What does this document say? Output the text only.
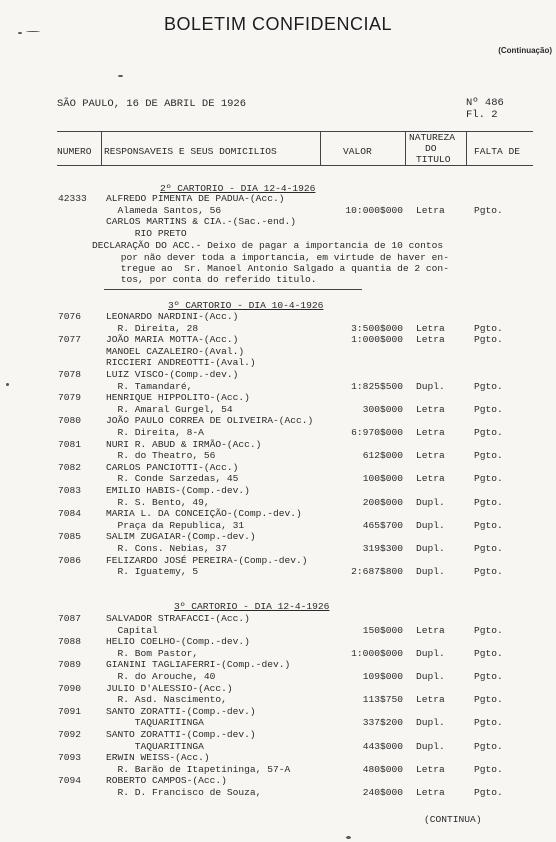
BOLETIM CONFIDENCIAL
(Continuação)
SÃO PAULO, 16 DE ABRIL DE 1926	Nº 486
Fl. 2
NUMERO RESPONSAVEIS E SEUS DOMICILIOS	VALOR
NATUREZA
DO
TITULO
FALTA DE
2º CARTORIO - DIA 12-4-1926
42333 ALFREDO PIMENTA DE PADUA-(Acc.)
Alameda Santos, 56	10:000$000 Letra	Pgto.
CARLOS MARTINS & CIA.-(Sac.-end.)
RIO PRETO
DECLARAÇÃO DO ACC.- Deixo de pagar a importancia de 10 contos
por não dever toda a importancia, em virtude de haver en-
tregue ao  Sr. Manoel Antonio Salgado a quantia de 2 con-
tos, por conta do referido titulo.
3º CARTORIO - DIA 10-4-1926
7076	LEONARDO NARDINI-(Acc.)
R. Direita, 28	3:500$000 Letra	Pgto.
7077	JOÃO MARIA MOTTA-(Acc.)	1:000$000 Letra	Pgto.
MANOEL CAZALEIRO-(Aval.)
RICCIERI ANDREOTTI-(Aval.)
7078	LUIZ VISCO-(Comp.-dev.)
R. Tamandaré,	1:825$500 Dupl.	Pgto.
7079	HENRIQUE HIPPOLITO-(Acc.)
R. Amaral Gurgel, 54	300$000 Letra	Pgto.
7080	JOÃO PAULO CORREA DE OLIVEIRA-(Acc.)
R. Direita, 8-A	6:970$000 Letra	Pgto.
7081	NURI R. ABUD & IRMÃO-(Acc.)
R. do Theatro, 56	612$000 Letra	Pgto.
7082	CARLOS PANCIOTTI-(Acc.)
R. Conde Sarzedas, 45	100$000 Letra	Pgto.
7083	EMILIO HABIS-(Comp.-dev.)
R. S. Bento, 49,	200$000 Dupl.	Pgto.
7084	MARIA L. DA CONCEIÇÃO-(Comp.-dev.)
Praça da Republica, 31	465$700 Dupl.	Pgto.
7085	SALIM ZUGAIAR-(Comp.-dev.)
R. Cons. Nebias, 37	319$300 Dupl.	Pgto.
7086	FELIZARDO JOSÉ PEREIRA-(Comp.-dev.)
R. Iguatemy, 5	2:687$800 Dupl.	Pgto.
3º CARTORIO - DIA 12-4-1926
7087	SALVADOR STRAFACCI-(Acc.)
Capital	150$000 Letra	Pgto.
7088	HELIO COELHO-(Comp.-dev.)
R. Bom Pastor,	1:000$000 Dupl.	Pgto.
7089	GIANINI TAGLIAFERRI-(Comp.-dev.)
R. do Arouche, 40	109$000 Dupl.	Pgto.
7090	JULIO D'ALESSIO-(Acc.)
R. Asd. Nascimento,	113$750 Letra	Pgto.
7091	SANTO ZORATTI-(Comp.-dev.)
TAQUARITINGA	337$200 Dupl.	Pgto.
7092	SANTO ZORATTI-(Comp.-dev.)
TAQUARITINGA	443$000 Dupl.	Pgto.
7093	ERWIN WEISS-(Acc.)
R. Barão de Itapetininga, 57-A	480$000 Letra	Pgto.
7094	ROBERTO CAMPOS-(Acc.)
R. D. Francisco de Souza,	240$000 Letra	Pgto.
(CONTINUA)
